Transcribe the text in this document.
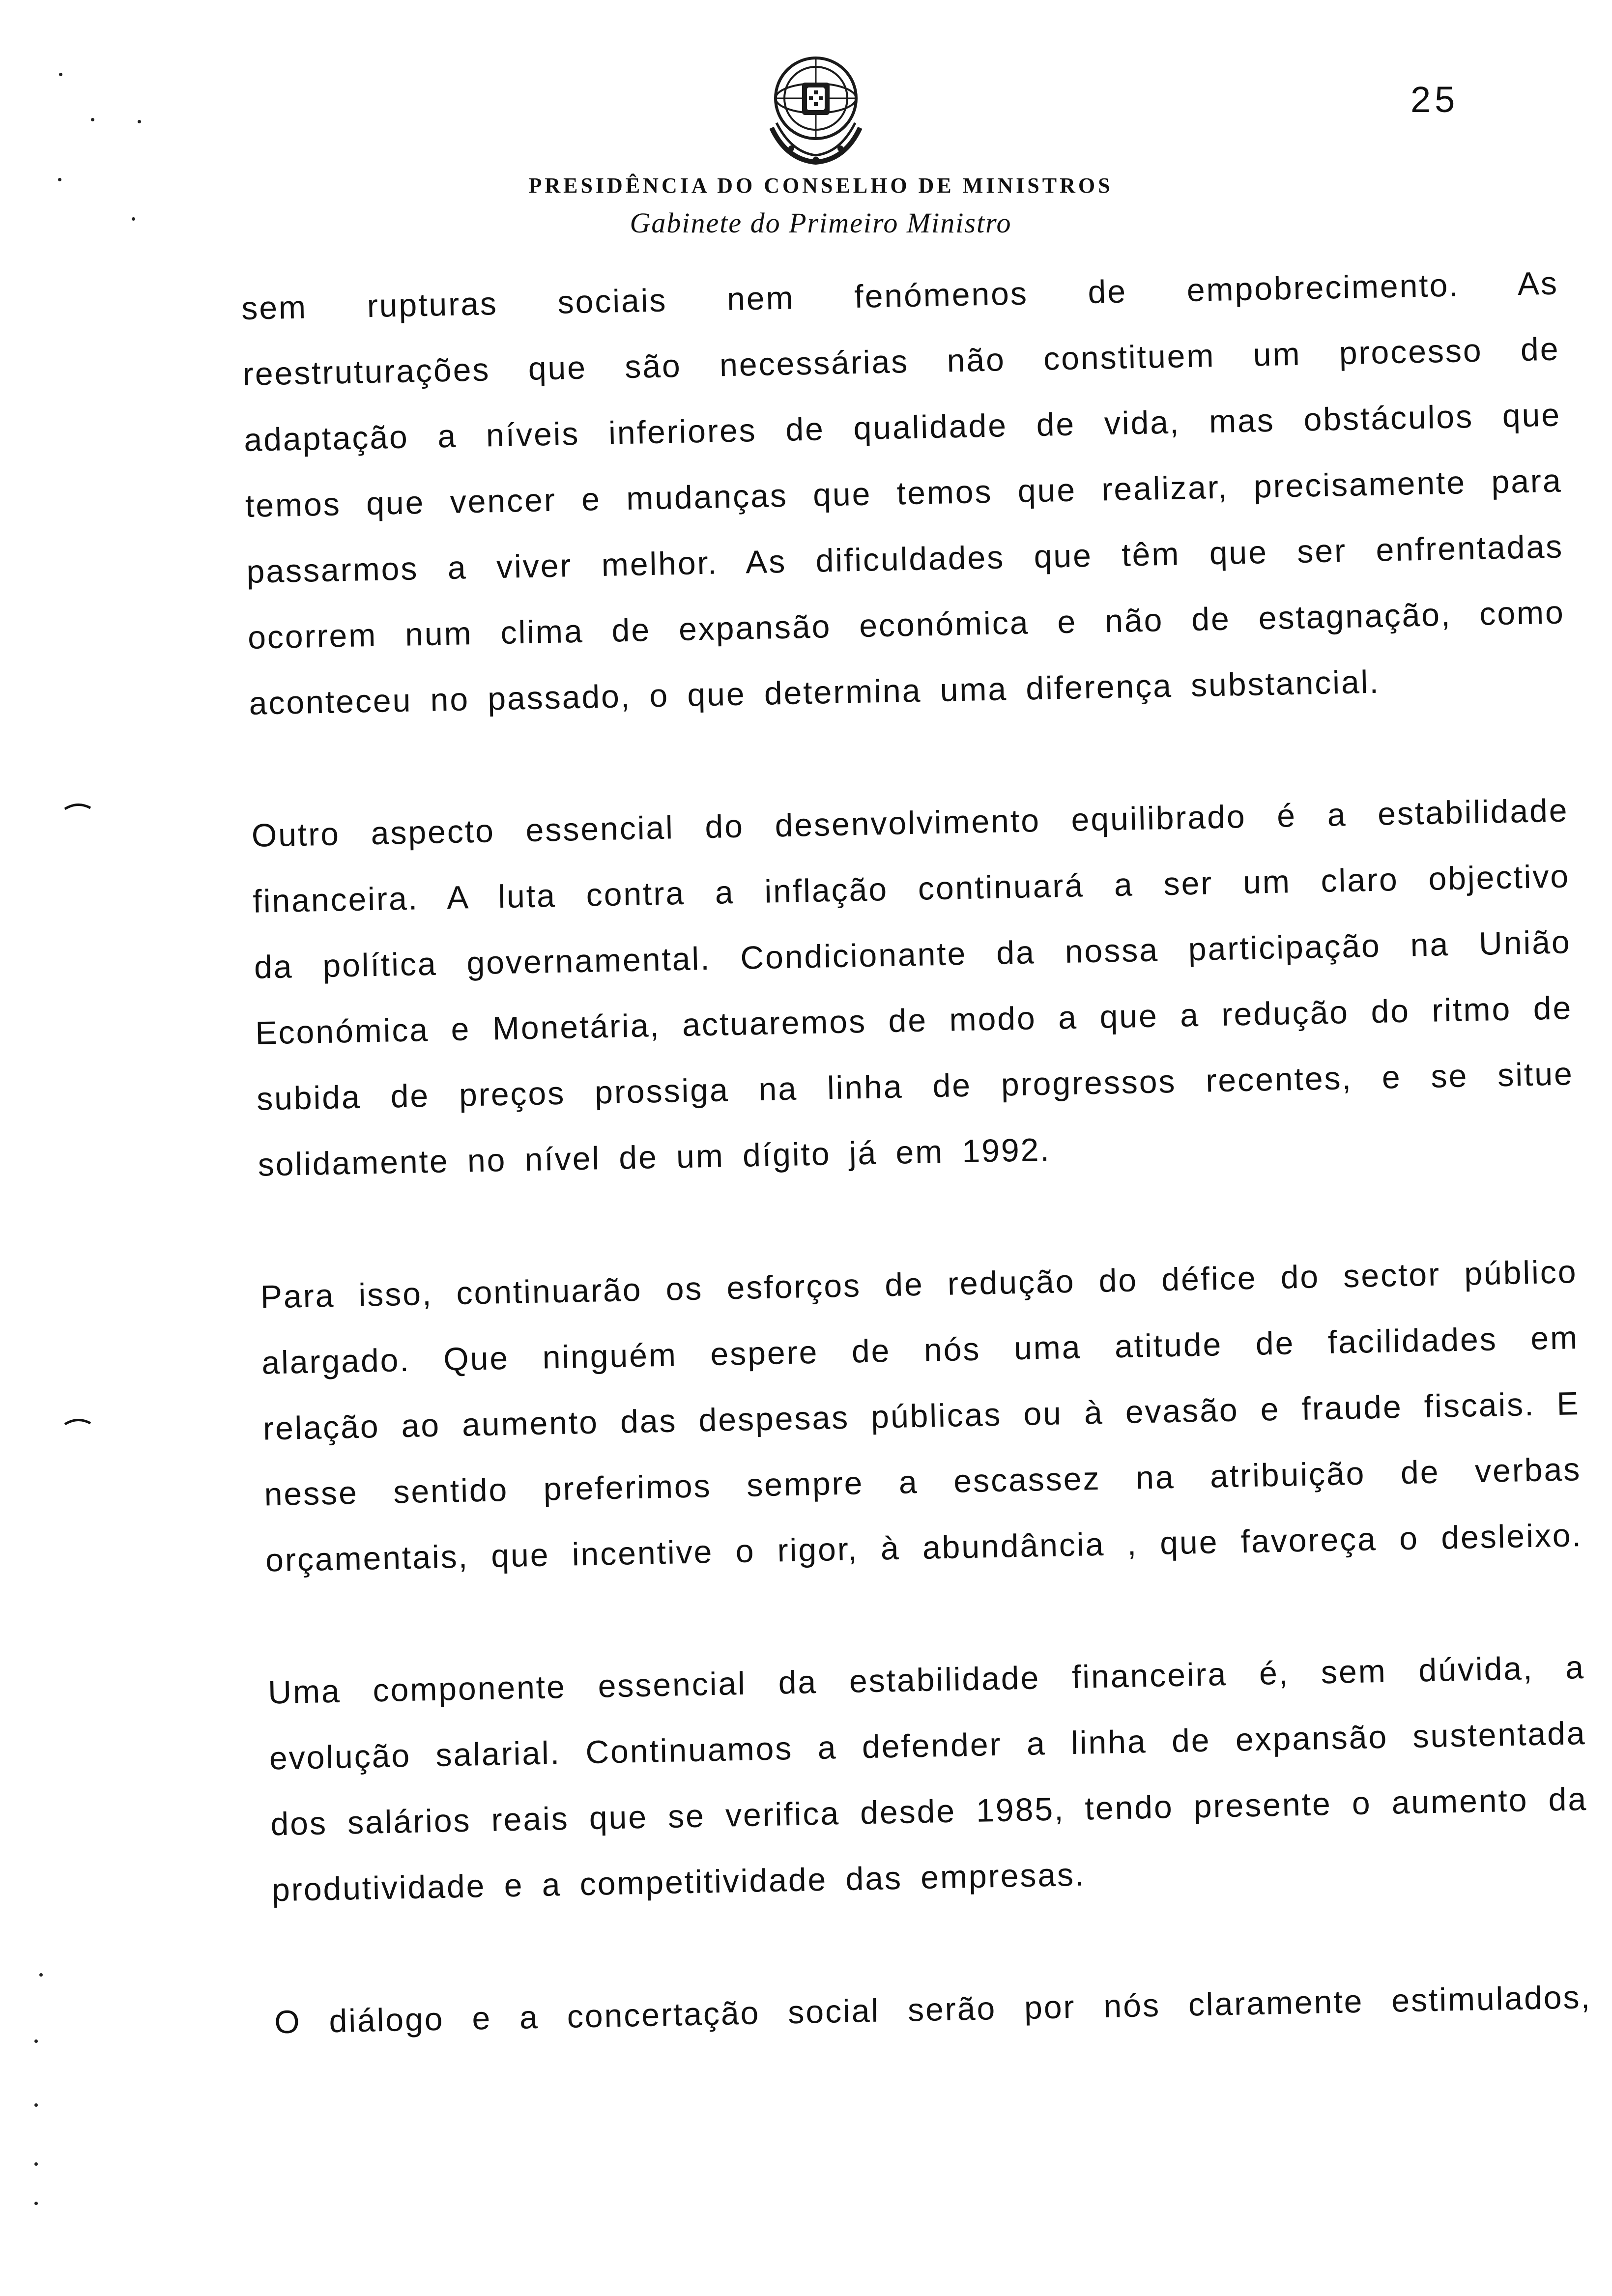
25
PRESIDÊNCIA DO CONSELHO DE MINISTROS
Gabinete do Primeiro Ministro
sem rupturas sociais nem fenómenos de empobrecimento. As
reestruturações que são necessárias não constituem um processo de
adaptação a níveis inferiores de qualidade de vida, mas obstáculos que
temos que vencer e mudanças que temos que realizar, precisamente para
passarmos a viver melhor. As dificuldades que têm que ser enfrentadas
ocorrem num clima de expansão económica e não de estagnação, como
aconteceu no passado, o que determina uma diferença substancial.
Outro aspecto essencial do desenvolvimento equilibrado é a estabilidade
financeira. A luta contra a inflação continuará a ser um claro objectivo
da política governamental. Condicionante da nossa participação na União
Económica e Monetária, actuaremos de modo a que a redução do ritmo de
subida de preços prossiga na linha de progressos recentes, e se situe
solidamente no nível de um dígito já em 1992.
Para isso, continuarão os esforços de redução do défice do sector público
alargado. Que ninguém espere de nós uma atitude de facilidades em
relação ao aumento das despesas públicas ou à evasão e fraude fiscais. E
nesse sentido preferimos sempre a escassez na atribuição de verbas
orçamentais, que incentive o rigor, à abundância , que favoreça o desleixo.
Uma componente essencial da estabilidade financeira é, sem dúvida, a
evolução salarial. Continuamos a defender a linha de expansão sustentada
dos salários reais que se verifica desde 1985, tendo presente o aumento da
produtividade e a competitividade das empresas.
O diálogo e a concertação social serão por nós claramente estimulados,
